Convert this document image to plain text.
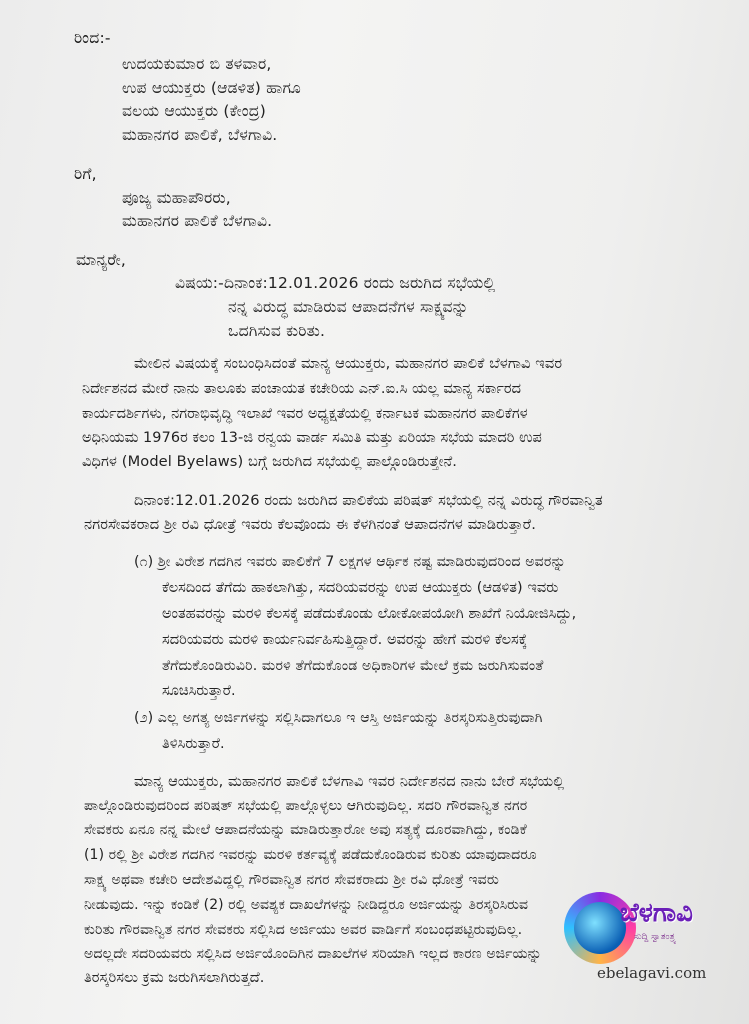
ರಿಂದ:-
ಉದಯಕುಮಾರ ಬಿ ತಳವಾರ,
ಉಪ ಆಯುಕ್ತರು (ಆಡಳಿತ) ಹಾಗೂ
ವಲಯ ಆಯುಕ್ತರು (ಕೇಂದ್ರ)
ಮಹಾನಗರ ಪಾಲಿಕೆ, ಬೆಳಗಾವಿ.
ರಿಗೆ,
ಪೂಜ್ಯ ಮಹಾಪೌರರು,
ಮಹಾನಗರ ಪಾಲಿಕೆ ಬೆಳಗಾವಿ.
ಮಾನ್ಯರೇ,
ವಿಷಯ:-ದಿನಾಂಕ:12.01.2026 ರಂದು ಜರುಗಿದ ಸಭೆಯಲ್ಲಿ
ನನ್ನ ವಿರುದ್ಧ ಮಾಡಿರುವ ಆಪಾದನೆಗಳ ಸಾಕ್ಷ್ಯವನ್ನು
ಒದಗಿಸುವ ಕುರಿತು.
ಮೇಲಿನ ವಿಷಯಕ್ಕೆ ಸಂಬಂಧಿಸಿದಂತೆ ಮಾನ್ಯ ಆಯುಕ್ತರು, ಮಹಾನಗರ ಪಾಲಿಕೆ ಬೆಳಗಾವಿ ಇವರ
ನಿರ್ದೇಶನದ ಮೇರೆ ನಾನು ತಾಲೂಕು ಪಂಚಾಯತ ಕಚೇರಿಯ ಎನ್.ಐ.ಸಿ ಯಲ್ಲ ಮಾನ್ಯ ಸರ್ಕಾರದ
ಕಾರ್ಯದರ್ಶಿಗಳು, ನಗರಾಭಿವೃದ್ಧಿ ಇಲಾಖೆ ಇವರ ಅಧ್ಯಕ್ಷತೆಯಲ್ಲಿ ಕರ್ನಾಟಕ ಮಹಾನಗರ ಪಾಲಿಕೆಗಳ
ಅಧಿನಿಯಮ 1976ರ ಕಲಂ 13-ಜಿ ರನ್ವಯ ವಾರ್ಡ ಸಮಿತಿ ಮತ್ತು ಏರಿಯಾ ಸಭೆಯ ಮಾದರಿ ಉಪ
ವಿಧಿಗಳ (Model Byelaws) ಬಗ್ಗೆ ಜರುಗಿದ ಸಭೆಯಲ್ಲಿ ಪಾಲ್ಗೊಂಡಿರುತ್ತೇನೆ.
ದಿನಾಂಕ:12.01.2026 ರಂದು ಜರುಗಿದ ಪಾಲಿಕೆಯ ಪರಿಷತ್ ಸಭೆಯಲ್ಲಿ ನನ್ನ ವಿರುದ್ಧ ಗೌರವಾನ್ವಿತ
ನಗರಸೇವಕರಾದ ಶ್ರೀ ರವಿ ಧೋತ್ರೆ ಇವರು ಕೆಲವೊಂದು ಈ ಕೆಳಗಿನಂತೆ ಆಪಾದನೆಗಳ ಮಾಡಿರುತ್ತಾರೆ.
(೧) ಶ್ರೀ ವಿರೇಶ ಗದಗಿನ ಇವರು ಪಾಲಿಕೆಗೆ 7 ಲಕ್ಷಗಳ ಆರ್ಥಿಕ ನಷ್ಟ ಮಾಡಿರುವುದರಿಂದ ಅವರನ್ನು
ಕೆಲಸದಿಂದ ತೆಗೆದು ಹಾಕಲಾಗಿತ್ತು, ಸದರಿಯವರನ್ನು ಉಪ ಆಯುಕ್ತರು (ಆಡಳಿತ) ಇವರು
ಅಂತಹವರನ್ನು ಮರಳಿ ಕೆಲಸಕ್ಕೆ ಪಡೆದುಕೊಂಡು ಲೋಕೋಪಯೋಗಿ ಶಾಖೆಗೆ ನಿಯೋಜಿಸಿದ್ದು,
ಸದರಿಯವರು ಮರಳಿ ಕಾರ್ಯನಿರ್ವಹಿಸುತ್ತಿದ್ದಾರೆ. ಅವರನ್ನು ಹೇಗೆ ಮರಳಿ ಕೆಲಸಕ್ಕೆ
ತೆಗೆದುಕೊಂಡಿರುವಿರಿ. ಮರಳಿ ತೆಗೆದುಕೊಂಡ ಅಧಿಕಾರಿಗಳ ಮೇಲೆ ಕ್ರಮ ಜರುಗಿಸುವಂತೆ
ಸೂಚಿಸಿರುತ್ತಾರೆ.
(೨) ಎಲ್ಲ ಅಗತ್ಯ ಅರ್ಜಿಗಳನ್ನು ಸಲ್ಲಿಸಿದಾಗಲೂ ಇ ಆಸ್ತಿ ಅರ್ಜಿಯನ್ನು ತಿರಸ್ಕರಿಸುತ್ತಿರುವುದಾಗಿ
ತಿಳಿಸಿರುತ್ತಾರೆ.
ಮಾನ್ಯ ಆಯುಕ್ತರು, ಮಹಾನಗರ ಪಾಲಿಕೆ ಬೆಳಗಾವಿ ಇವರ ನಿರ್ದೇಶನದ ನಾನು ಬೇರೆ ಸಭೆಯಲ್ಲಿ
ಪಾಲ್ಗೊಂಡಿರುವುದರಿಂದ ಪರಿಷತ್ ಸಭೆಯಲ್ಲಿ ಪಾಲ್ಗೊಳ್ಳಲು ಆಗಿರುವುದಿಲ್ಲ. ಸದರಿ ಗೌರವಾನ್ವಿತ ನಗರ
ಸೇವಕರು ಏನೂ ನನ್ನ ಮೇಲೆ ಆಪಾದನೆಯನ್ನು ಮಾಡಿರುತ್ತಾರೋ ಅವು ಸತ್ಯಕ್ಕೆ ದೂರವಾಗಿದ್ದು, ಕಂಡಿಕೆ
(1) ರಲ್ಲಿ ಶ್ರೀ ವಿರೇಶ ಗದಗಿನ ಇವರನ್ನು ಮರಳಿ ಕರ್ತವ್ಯಕ್ಕೆ ಪಡೆದುಕೊಂಡಿರುವ ಕುರಿತು ಯಾವುದಾದರೂ
ಸಾಕ್ಷ್ಯ ಅಥವಾ ಕಚೇರಿ ಆದೇಶವಿದ್ದಲ್ಲಿ ಗೌರವಾನ್ವಿತ ನಗರ ಸೇವಕರಾದು ಶ್ರೀ ರವಿ ಧೋತ್ರೆ ಇವರು
ನೀಡುವುದು. ಇನ್ನು ಕಂಡಿಕೆ (2) ರಲ್ಲಿ ಅವಶ್ಯಕ ದಾಖಲೆಗಳನ್ನು ನೀಡಿದ್ದರೂ ಅರ್ಜಿಯನ್ನು ತಿರಸ್ಕರಿಸಿರುವ
ಕುರಿತು ಗೌರವಾನ್ವಿತ ನಗರ ಸೇವಕರು ಸಲ್ಲಿಸಿದ ಅರ್ಜಿಯು ಅವರ ವಾರ್ಡಿಗೆ ಸಂಬಂಧಪಟ್ಟಿರುವುದಿಲ್ಲ.
ಅದಲ್ಲದೇ ಸದರಿಯವರು ಸಲ್ಲಿಸಿದ ಅರ್ಜಿಯೊಂದಿಗಿನ ದಾಖಲೆಗಳ ಸರಿಯಾಗಿ ಇಲ್ಲದ ಕಾರಣ ಅರ್ಜಿಯನ್ನು
ತಿರಸ್ಕರಿಸಲು ಕ್ರಮ ಜರುಗಿಸಲಾಗಿರುತ್ತದೆ.
ಬೆಳಗಾವಿ
ಸುದ್ದಿ ಸ್ವಾತಂತ್ರ್ಯ
ebelagavi.com
